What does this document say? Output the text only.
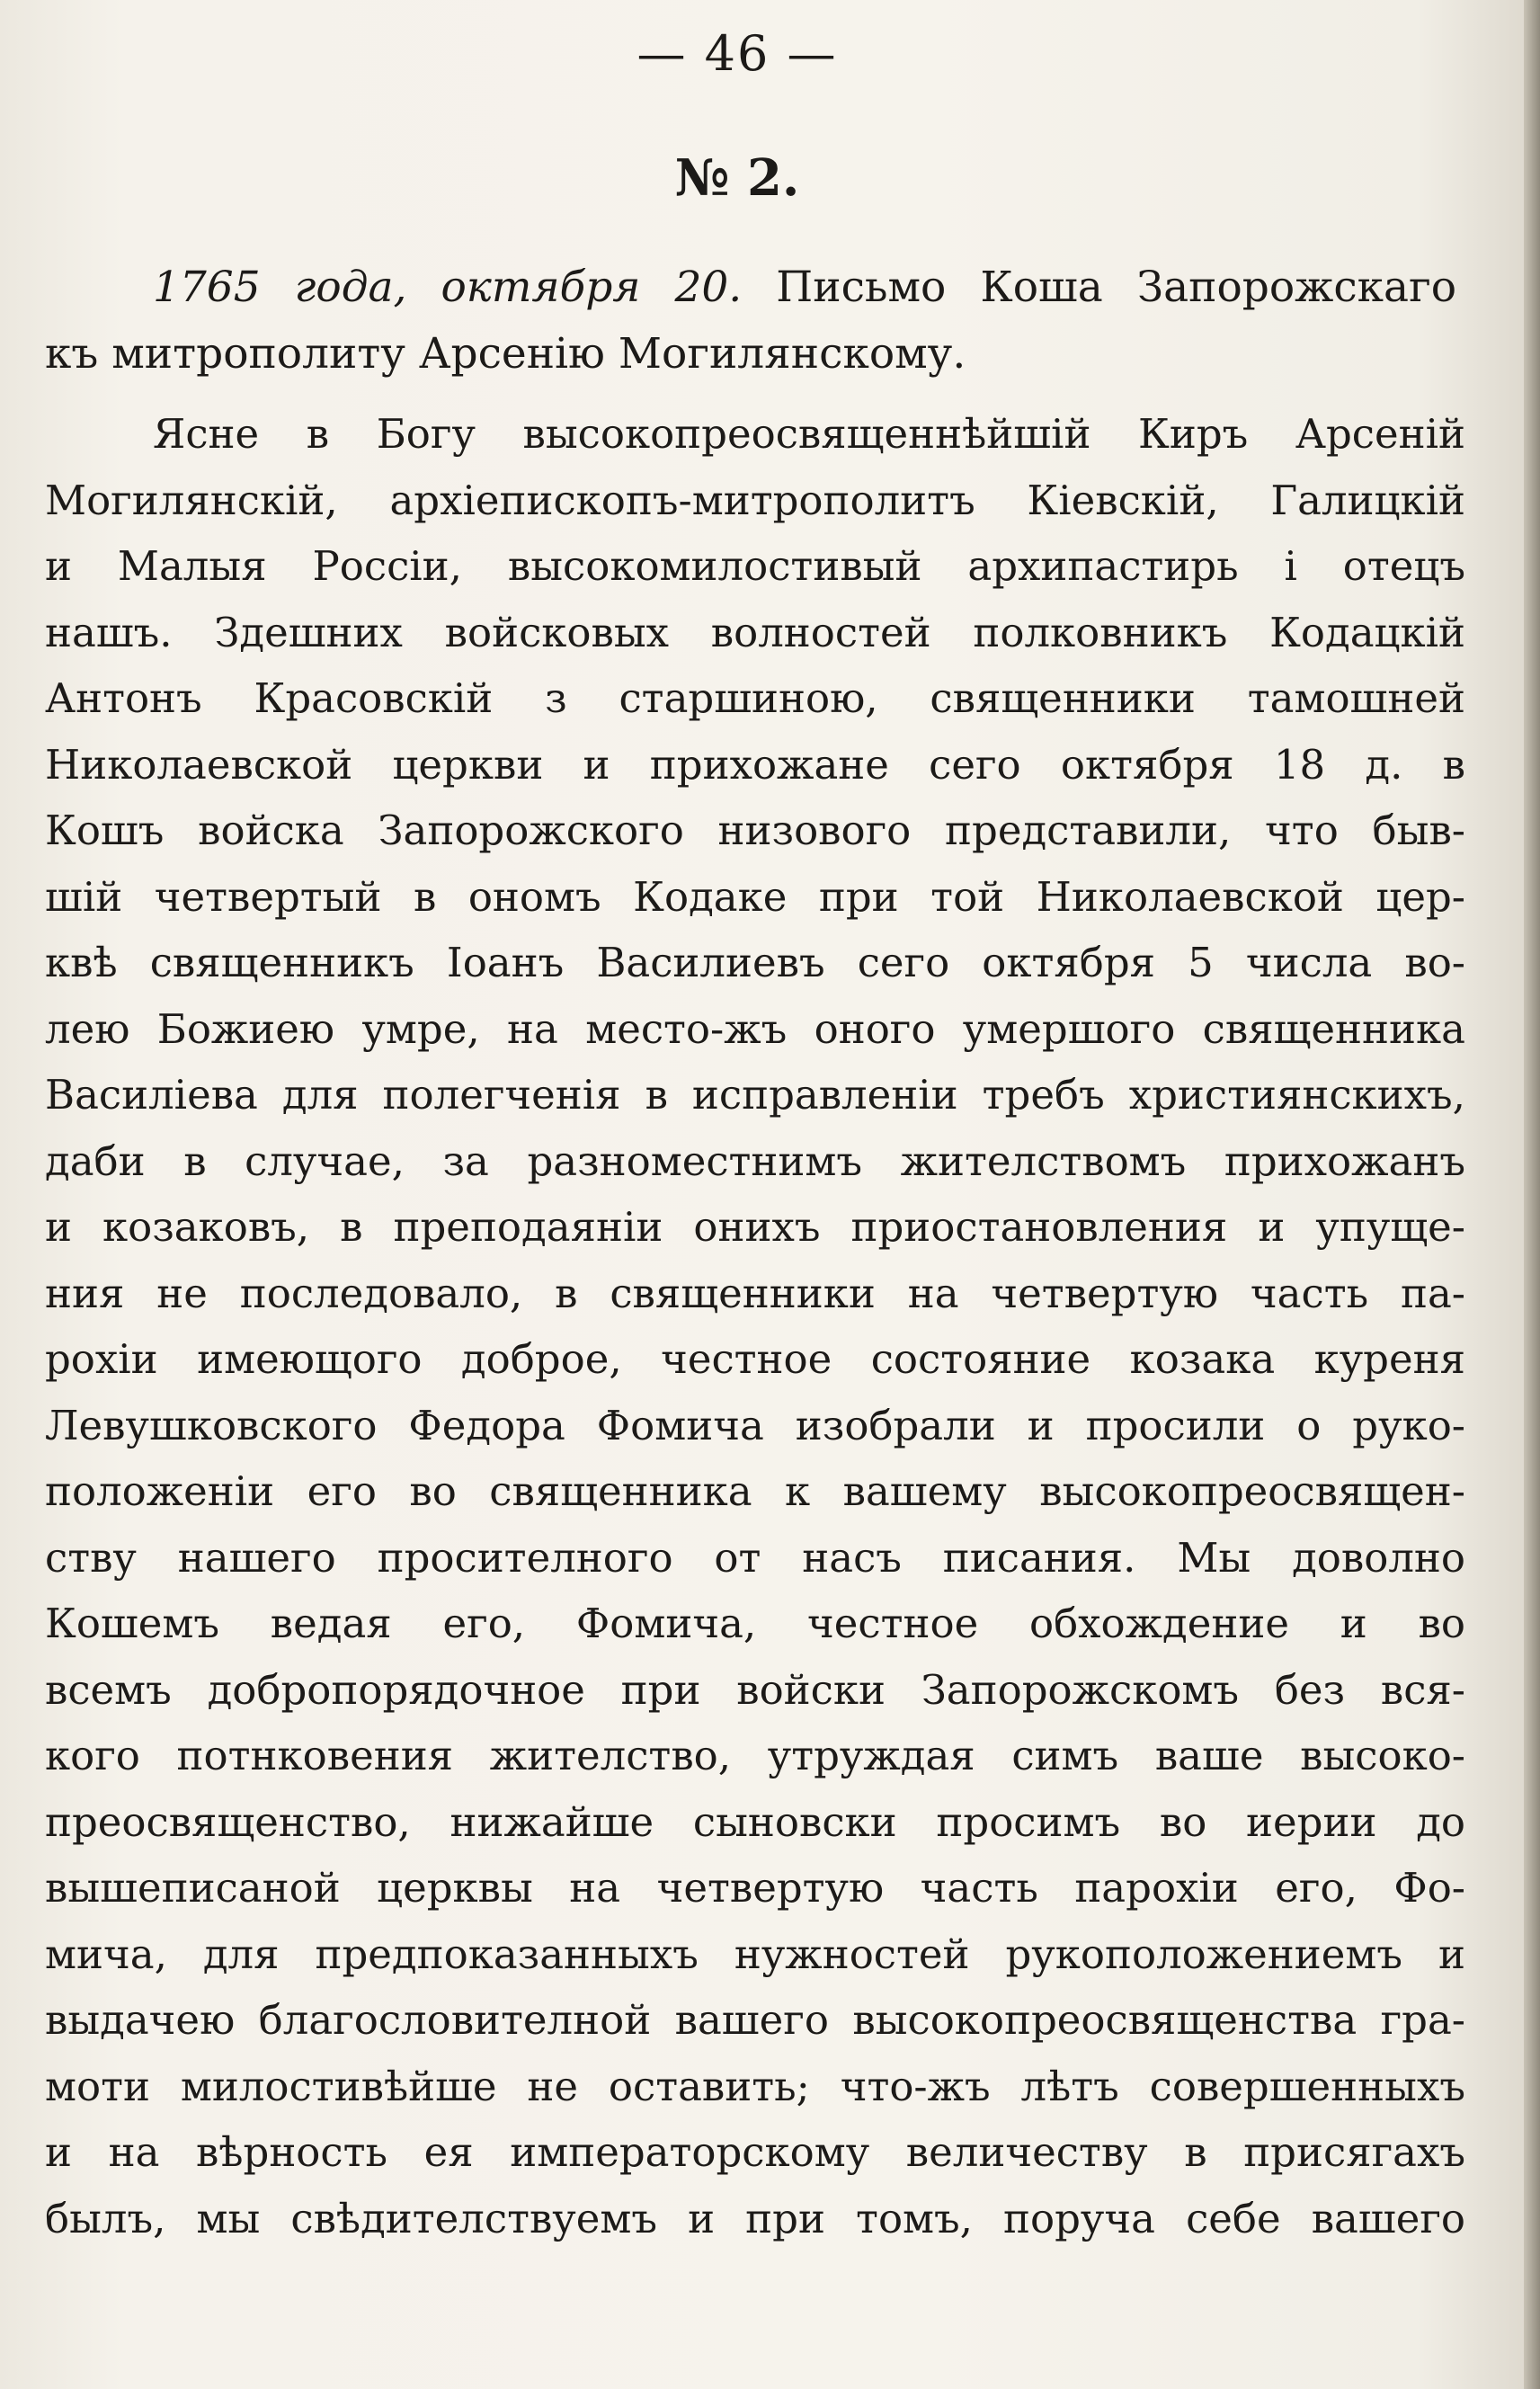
— 46 —
№ 2.
1765 года, октября 20. Письмо Коша Запорожскаго
къ митрополиту Арсенію Могилянскому.
Ясне в Богу высокопреосвященнѣйшій Киръ Арсеній
Могилянскій, архіепископъ-митрополитъ Кіевскій, Галицкій
и Малыя Россіи, высокомилостивый архипастирь і отецъ
нашъ. Здешних войсковых волностей полковникъ Кодацкій
Антонъ Красовскій з старшиною, священники тамошней
Николаевской церкви и прихожане сего октября 18 д. в
Кошъ войска Запорожского низового представили, что быв-
шій четвертый в ономъ Кодаке при той Николаевской цер-
квѣ священникъ Іоанъ Василиевъ сего октября 5 числа во-
лею Божиею умре, на место-жъ оного умершого священника
Василіева для полегченія в исправленіи требъ християнскихъ,
даби в случае, за разноместнимъ жителствомъ прихожанъ
и козаковъ, в преподаяніи онихъ приостановления и упуще-
ния не последовало, в священники на четвертую часть па-
рохіи имеющого доброе, честное состояние козака куреня
Левушковского Федора Фомича изобрали и просили о руко-
положеніи его во священника к вашему высокопреосвящен-
ству нашего просителного от насъ писания. Мы доволно
Кошемъ ведая его, Фомича, честное обхождение и во
всемъ добропорядочное при войски Запорожскомъ без вся-
кого потнковения жителство, утруждая симъ ваше высоко-
преосвященство, нижайше сыновски просимъ во иерии до
вышеписаной церквы на четвертую часть парохіи его, Фо-
мича, для предпоказанныхъ нужностей рукоположениемъ и
выдачею благословителной вашего высокопреосвященства гра-
моти милостивѣйше не оставить; что-жъ лѣтъ совершенныхъ
и на вѣрность ея императорскому величеству в присягахъ
былъ, мы свѣдителствуемъ и при томъ, поруча себе вашего
